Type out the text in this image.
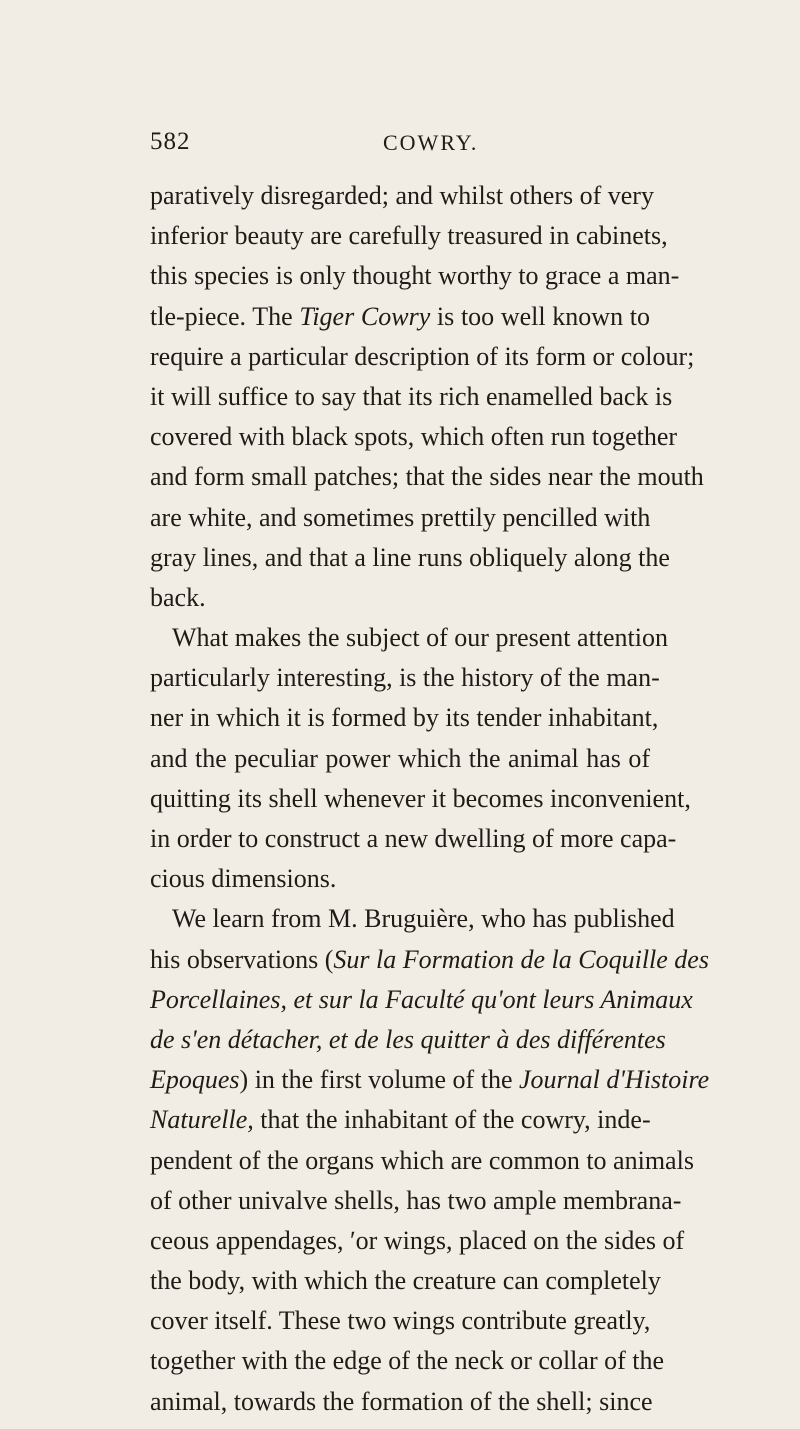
582	COWRY.
paratively disregarded; and whilst others of very
inferior beauty are carefully treasured in cabinets,
this species is only thought worthy to grace a man-
tle-piece. The Tiger Cowry is too well known to
require a particular description of its form or colour;
it will suffice to say that its rich enamelled back is
covered with black spots, which often run together
and form small patches; that the sides near the mouth
are white, and sometimes prettily pencilled with
gray lines, and that a line runs obliquely along the
back.
What makes the subject of our present attention
particularly interesting, is the history of the man-
ner in which it is formed by its tender inhabitant,
and the peculiar power which the animal has of
quitting its shell whenever it becomes inconvenient,
in order to construct a new dwelling of more capa-
cious dimensions.
We learn from M. Bruguière, who has published
his observations (Sur la Formation de la Coquille des
Porcellaines, et sur la Faculté qu'ont leurs Animaux
de s'en détacher, et de les quitter à des différentes
Epoques) in the first volume of the Journal d'Histoire
Naturelle, that the inhabitant of the cowry, inde-
pendent of the organs which are common to animals
of other univalve shells, has two ample membrana-
ceous appendages, ʹor wings, placed on the sides of
the body, with which the creature can completely
cover itself. These two wings contribute greatly,
together with the edge of the neck or collar of the
animal, towards the formation of the shell; since
